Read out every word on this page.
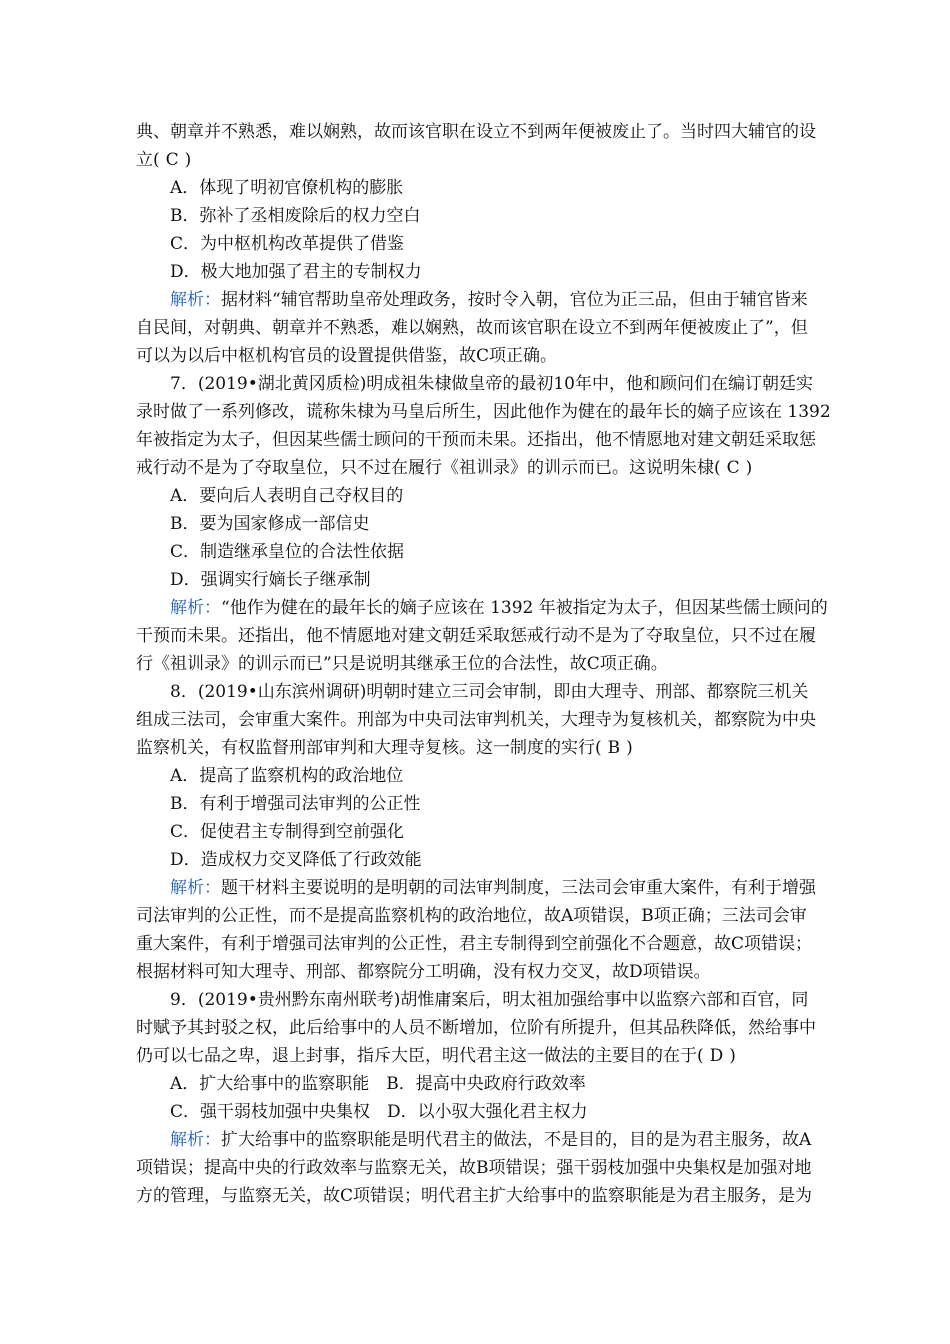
典、朝章并不熟悉，难以娴熟，故而该官职在设立不到两年便被废止了。当时四大辅官的设
立( C )
A．体现了明初官僚机构的膨胀
B．弥补了丞相废除后的权力空白
C．为中枢机构改革提供了借鉴
D．极大地加强了君主的专制权力
解析：据材料“辅官帮助皇帝处理政务，按时令入朝，官位为正三品，但由于辅官皆来
自民间，对朝典、朝章并不熟悉，难以娴熟，故而该官职在设立不到两年便被废止了”，但
可以为以后中枢机构官员的设置提供借鉴，故C项正确。
7．(2019•湖北黄冈质检)明成祖朱棣做皇帝的最初10年中，他和顾问们在编订朝廷实
录时做了一系列修改，谎称朱棣为马皇后所生，因此他作为健在的最年长的嫡子应该在 1392
年被指定为太子，但因某些儒士顾问的干预而未果。还指出，他不情愿地对建文朝廷采取惩
戒行动不是为了夺取皇位，只不过在履行《祖训录》的训示而已。这说明朱棣( C )
A．要向后人表明自己夺权目的
B．要为国家修成一部信史
C．制造继承皇位的合法性依据
D．强调实行嫡长子继承制
解析：“他作为健在的最年长的嫡子应该在 1392 年被指定为太子，但因某些儒士顾问的
干预而未果。还指出，他不情愿地对建文朝廷采取惩戒行动不是为了夺取皇位，只不过在履
行《祖训录》的训示而已”只是说明其继承王位的合法性，故C项正确。
8．(2019•山东滨州调研)明朝时建立三司会审制，即由大理寺、刑部、都察院三机关
组成三法司，会审重大案件。刑部为中央司法审判机关，大理寺为复核机关，都察院为中央
监察机关，有权监督刑部审判和大理寺复核。这一制度的实行( B )
A．提高了监察机构的政治地位
B．有利于增强司法审判的公正性
C．促使君主专制得到空前强化
D．造成权力交叉降低了行政效能
解析：题干材料主要说明的是明朝的司法审判制度，三法司会审重大案件，有利于增强
司法审判的公正性，而不是提高监察机构的政治地位，故A项错误，B项正确；三法司会审
重大案件，有利于增强司法审判的公正性，君主专制得到空前强化不合题意，故C项错误；
根据材料可知大理寺、刑部、都察院分工明确，没有权力交叉，故D项错误。
9．(2019•贵州黔东南州联考)胡惟庸案后，明太祖加强给事中以监察六部和百官，同
时赋予其封驳之权，此后给事中的人员不断增加，位阶有所提升，但其品秩降低，然给事中
仍可以七品之卑，退上封事，指斥大臣，明代君主这一做法的主要目的在于( D )
A．扩大给事中的监察职能　B．提高中央政府行政效率
C．强干弱枝加强中央集权　D．以小驭大强化君主权力
解析：扩大给事中的监察职能是明代君主的做法，不是目的，目的是为君主服务，故A
项错误；提高中央的行政效率与监察无关，故B项错误；强干弱枝加强中央集权是加强对地
方的管理，与监察无关，故C项错误；明代君主扩大给事中的监察职能是为君主服务，是为
